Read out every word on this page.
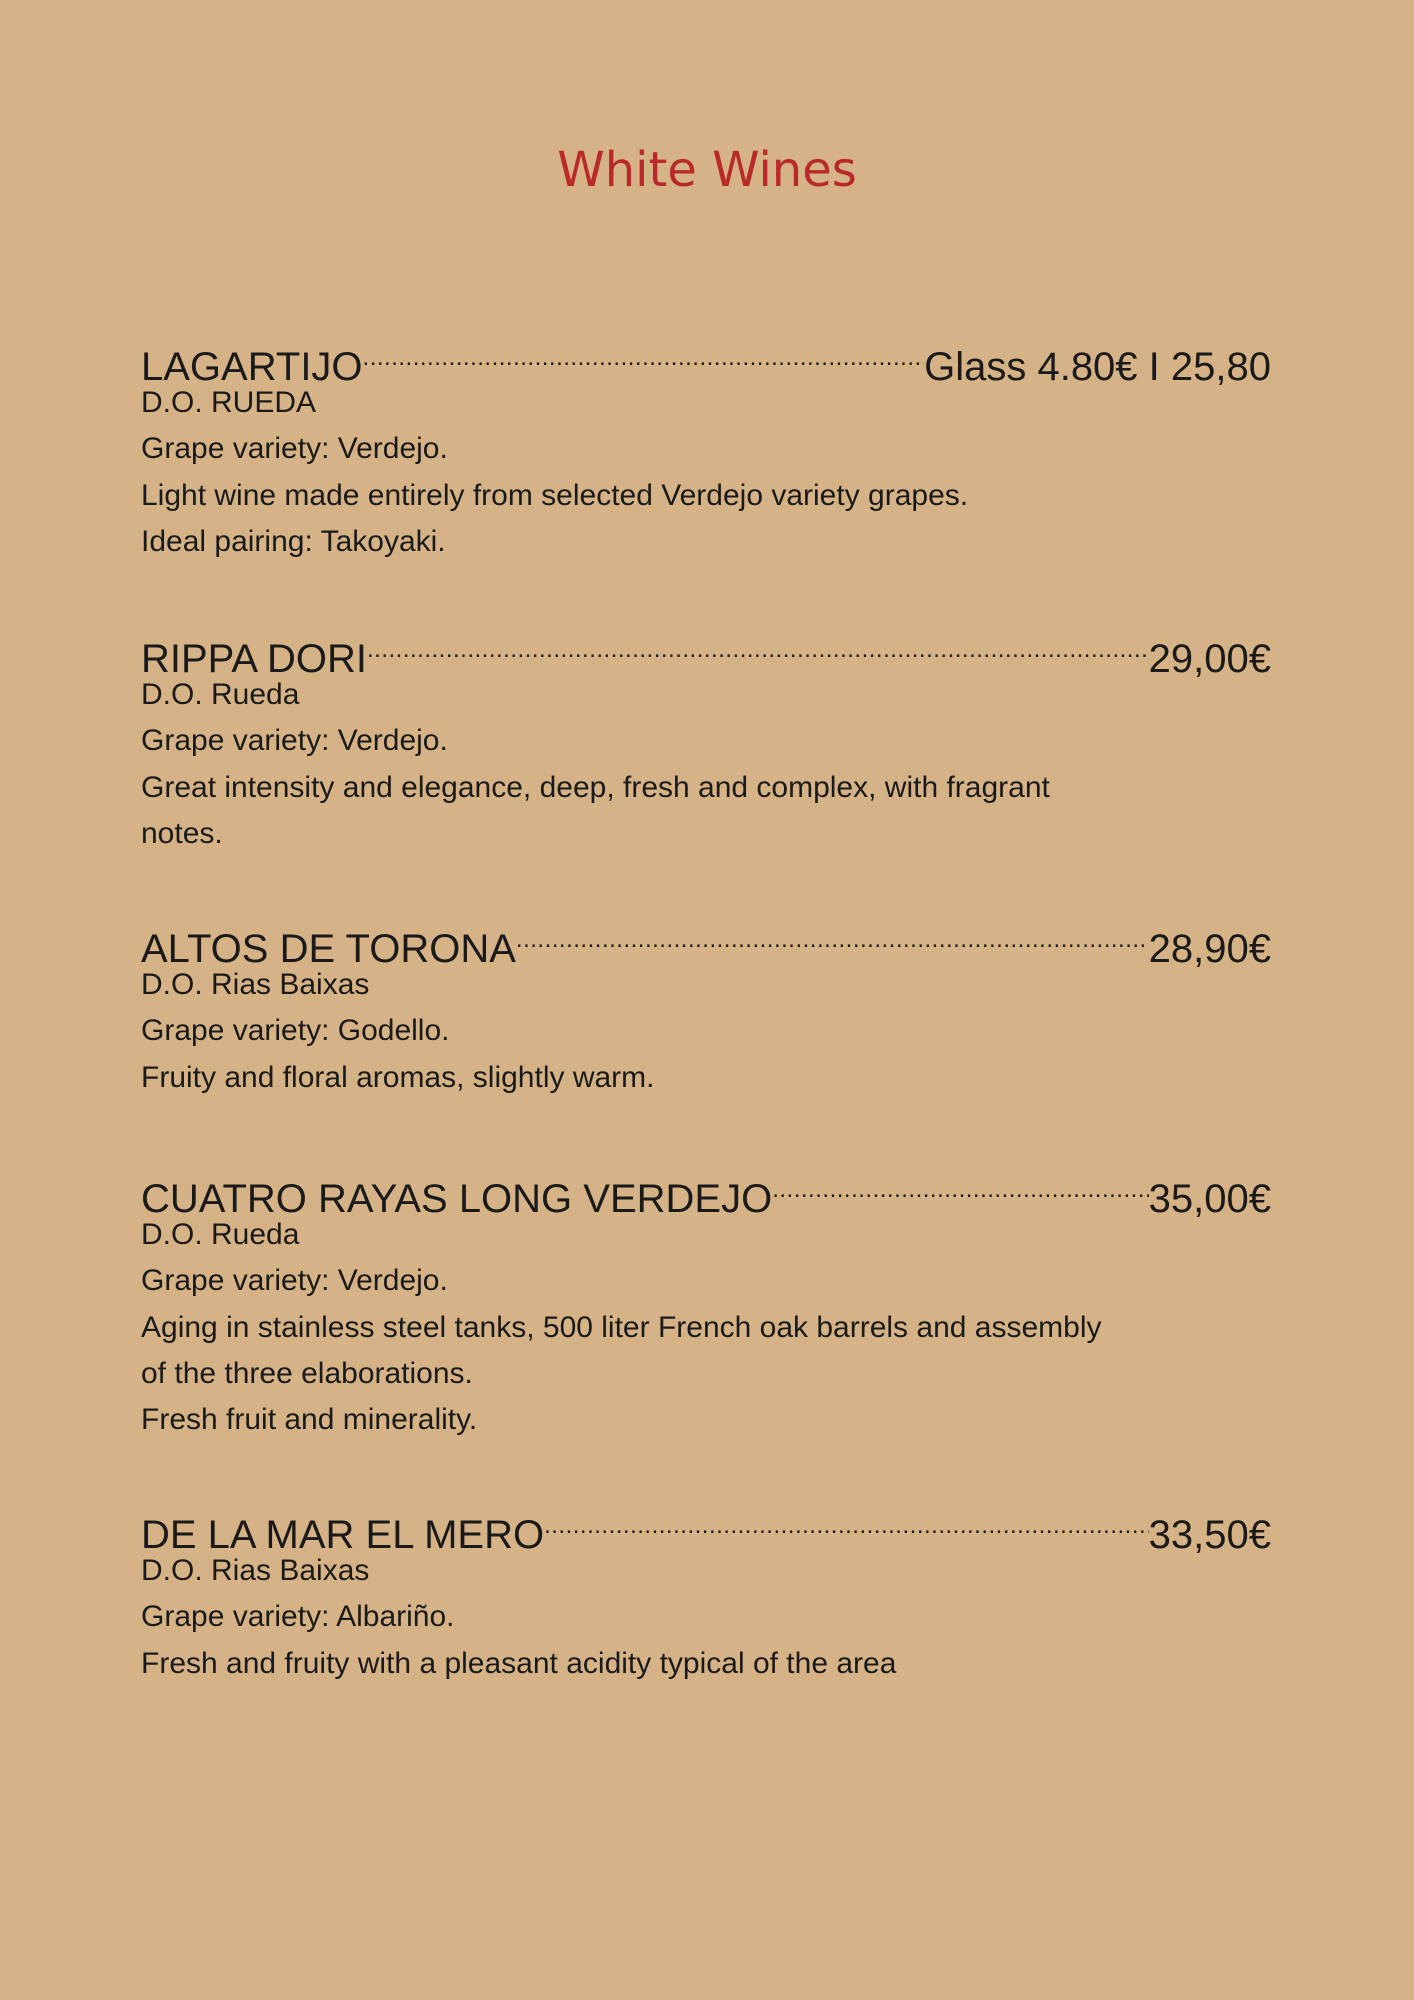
White Wines
LAGARTIJO .....	Glass 4.80€ I 25,80

D.O. RUEDA

Grape variety: Verdejo.

Light wine made entirely from selected Verdejo variety grapes.

Ideal pairing: Takoyaki.

RIPPA DORI .....	29,00€

D.O. Rueda

Grape variety: Verdejo.

Great intensity and elegance, deep, fresh and complex, with fragrant

notes.

ALTOS DE TORONA .....	28,90€

D.O. Rias Baixas

Grape variety: Godello.

Fruity and floral aromas, slightly warm.

CUATRO RAYAS LONG VERDEJO .....	35,00€

D.O. Rueda

Grape variety: Verdejo.

Aging in stainless steel tanks, 500 liter French oak barrels and assembly

of the three elaborations.

Fresh fruit and minerality.

DE LA MAR EL MERO .....	33,50€

D.O. Rias Baixas

Grape variety: Albariño.

Fresh and fruity with a pleasant acidity typical of the area
